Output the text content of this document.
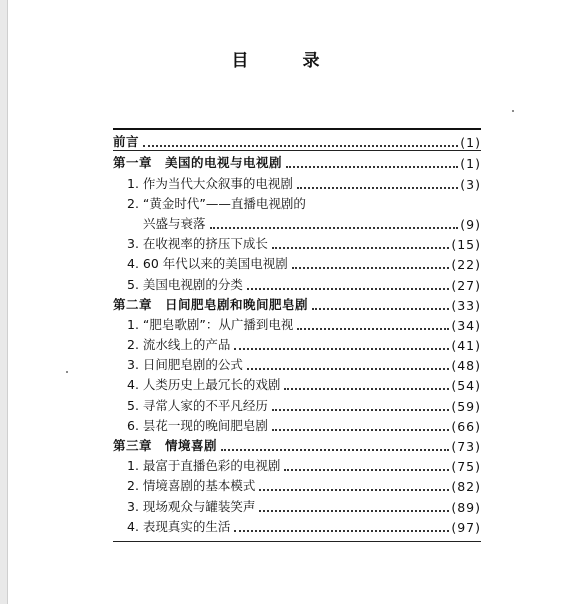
目 录
前言	(1)
第一章　美国的电视与电视剧	(1)
1. 作为当代大众叙事的电视剧	(3)
2. “黄金时代”——直播电视剧的
兴盛与衰落	(9)
3. 在收视率的挤压下成长	(15)
4. 60 年代以来的美国电视剧	(22)
5. 美国电视剧的分类	(27)
第二章　日间肥皂剧和晚间肥皂剧	(33)
1. “肥皂歌剧”：从广播到电视	(34)
2. 流水线上的产品	(41)
3. 日间肥皂剧的公式	(48)
4. 人类历史上最冗长的戏剧	(54)
5. 寻常人家的不平凡经历	(59)
6. 昙花一现的晚间肥皂剧	(66)
第三章　情境喜剧	(73)
1. 最富于直播色彩的电视剧	(75)
2. 情境喜剧的基本模式	(82)
3. 现场观众与罐装笑声	(89)
4. 表现真实的生活	(97)
